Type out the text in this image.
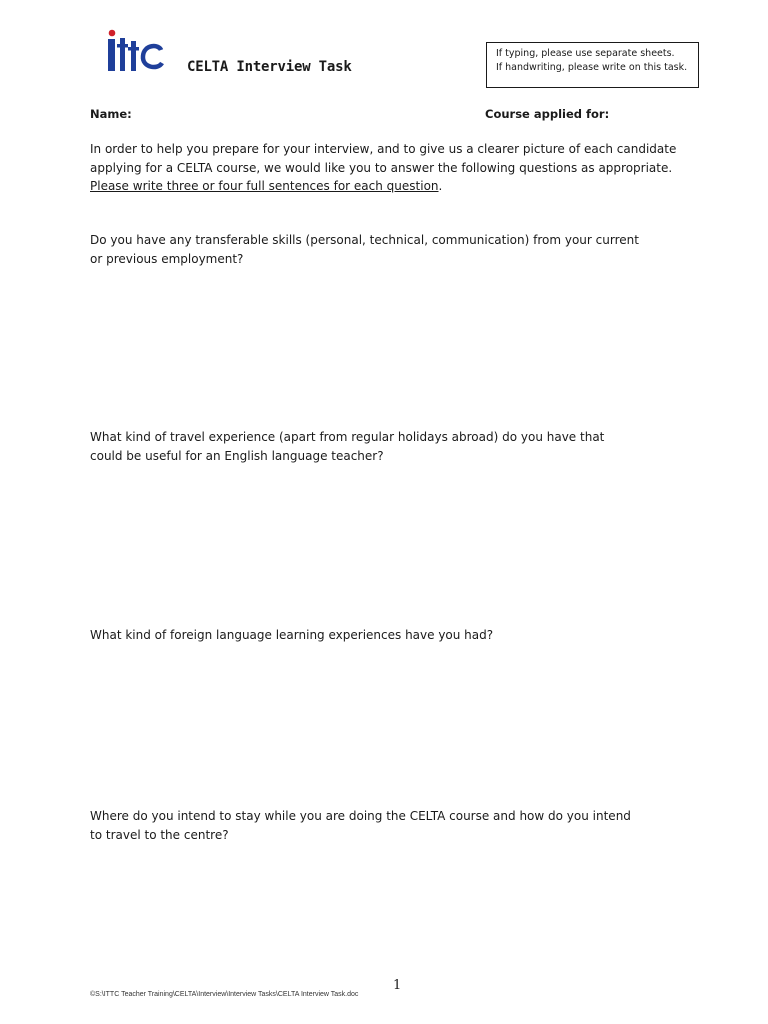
CELTA Interview Task
If typing, please use separate sheets.
If handwriting, please write on this task.
Name:	Course applied for:
In order to help you prepare for your interview, and to give us a clearer picture of each candidate
applying for a CELTA course, we would like you to answer the following questions as appropriate.
Please write three or four full sentences for each question.
Do you have any transferable skills (personal, technical, communication) from your current
or previous employment?
What kind of travel experience (apart from regular holidays abroad) do you have that
could be useful for an English language teacher?
What kind of foreign language learning experiences have you had?
Where do you intend to stay while you are doing the CELTA course and how do you intend
to travel to the centre?
1
©S:\ITTC Teacher Training\CELTA\Interview\Interview Tasks\CELTA Interview Task.doc
